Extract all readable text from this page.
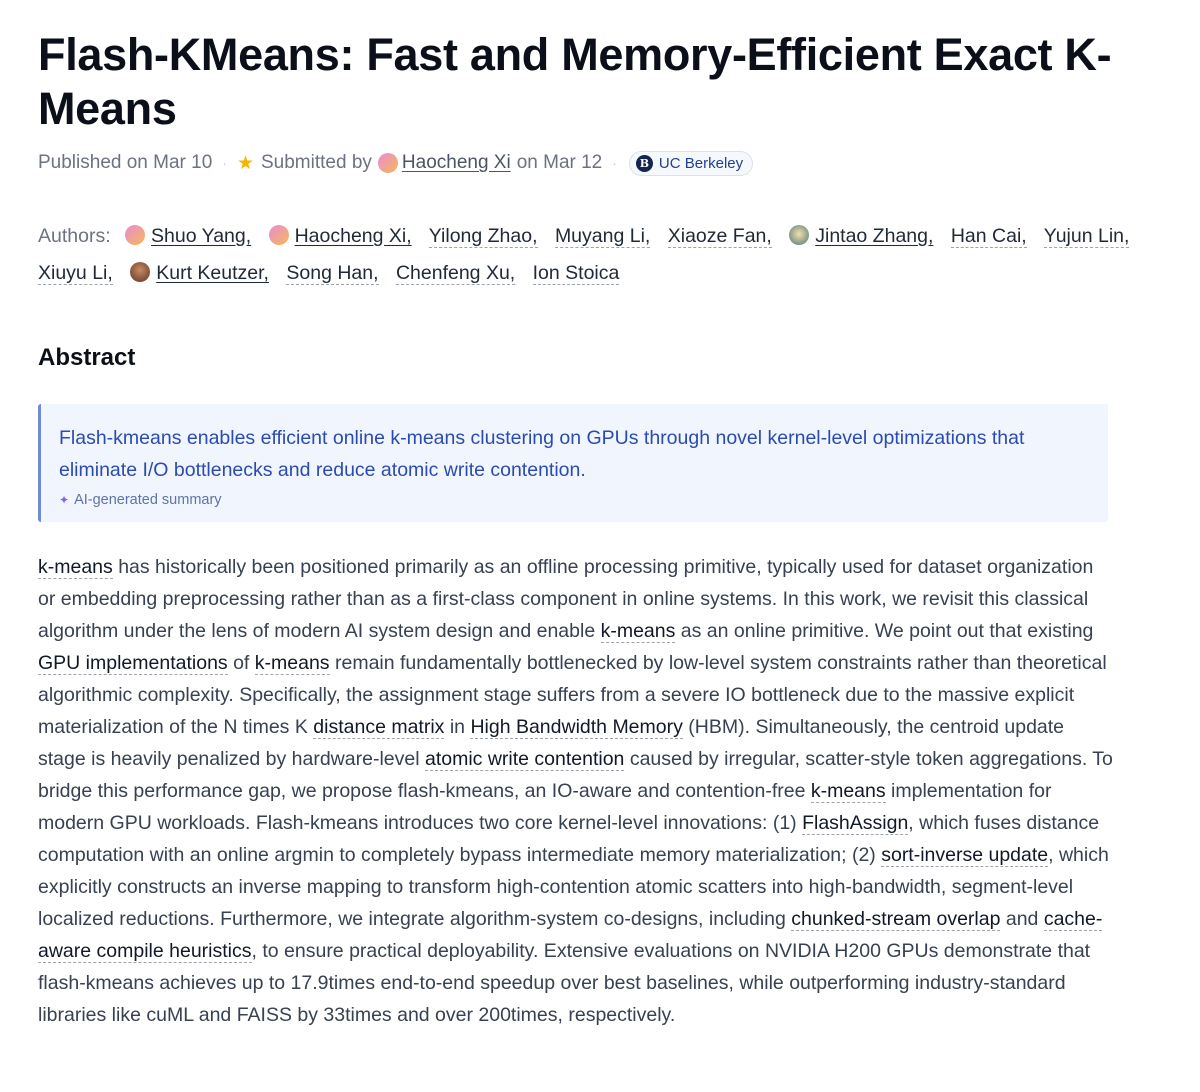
Flash-KMeans: Fast and Memory-Efficient Exact K-Means
Published on Mar 10 · ★ Submitted by Haocheng Xi on Mar 12 ·	B UC Berkeley
Authors: Shuo Yang, Haocheng Xi, Yilong Zhao, Muyang Li, Xiaoze Fan, Jintao Zhang, Han Cai, Yujun Lin, Xiuyu Li, Kurt Keutzer, Song Han, Chenfeng Xu, Ion Stoica
Abstract

Flash-kmeans enables efficient online k-means clustering on GPUs through novel kernel-level optimizations that eliminate I/O bottlenecks and reduce atomic write contention.

✦ AI-generated summary

k-means has historically been positioned primarily as an offline processing primitive, typically used for dataset organization or embedding preprocessing rather than as a first-class component in online systems. In this work, we revisit this classical algorithm under the lens of modern AI system design and enable k-means as an online primitive. We point out that existing GPU implementations of k-means remain fundamentally bottlenecked by low-level system constraints rather than theoretical algorithmic complexity. Specifically, the assignment stage suffers from a severe IO bottleneck due to the massive explicit materialization of the N times K distance matrix in High Bandwidth Memory (HBM). Simultaneously, the centroid update stage is heavily penalized by hardware-level atomic write contention caused by irregular, scatter-style token aggregations. To bridge this performance gap, we propose flash-kmeans, an IO-aware and contention-free k-means implementation for modern GPU workloads. Flash-kmeans introduces two core kernel-level innovations: (1) FlashAssign, which fuses distance computation with an online argmin to completely bypass intermediate memory materialization; (2) sort-inverse update, which explicitly constructs an inverse mapping to transform high-contention atomic scatters into high-bandwidth, segment-level localized reductions. Furthermore, we integrate algorithm-system co-designs, including chunked-stream overlap and cache-aware compile heuristics, to ensure practical deployability. Extensive evaluations on NVIDIA H200 GPUs demonstrate that flash-kmeans achieves up to 17.9times end-to-end speedup over best baselines, while outperforming industry-standard libraries like cuML and FAISS by 33times and over 200times, respectively.
